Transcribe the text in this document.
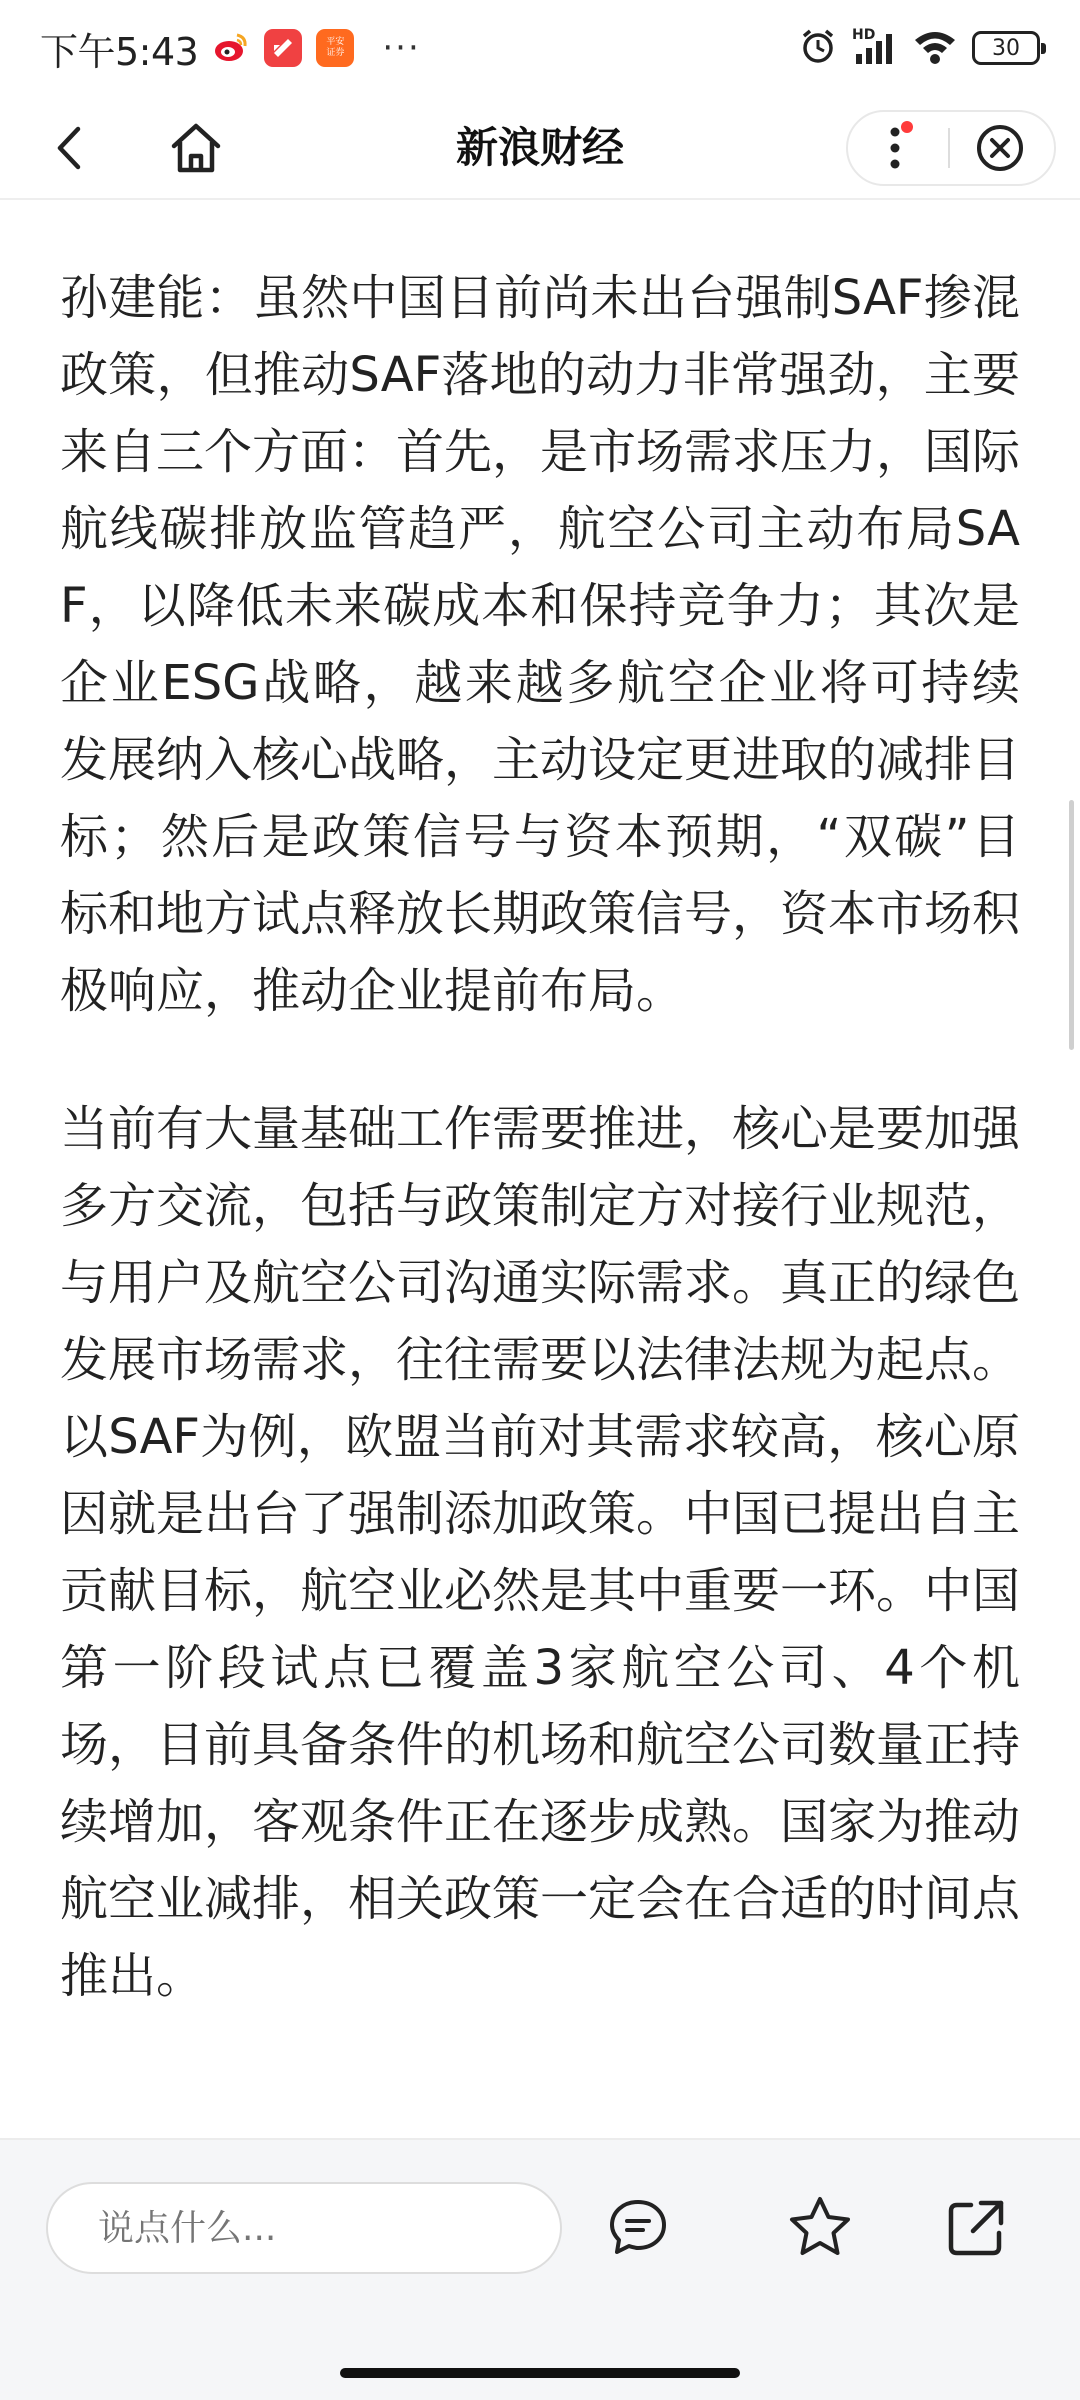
下午5:43	平安证券 ···	HD
30
新浪财经

孙建能：虽然中国目前尚未出台强制SAF掺混政策，但推动SAF落地的动力非常强劲，主要来自三个方面：首先，是市场需求压力，国际航线碳排放监管趋严，航空公司主动布局SAF，以降低未来碳成本和保持竞争力；其次是企业ESG战略，越来越多航空企业将可持续发展纳入核心战略，主动设定更进取的减排目标；然后是政策信号与资本预期，“双碳”目标和地方试点释放长期政策信号，资本市场积极响应，推动企业提前布局。

当前有大量基础工作需要推进，核心是要加强多方交流，包括与政策制定方对接行业规范，与用户及航空公司沟通实际需求。真正的绿色发展市场需求，往往需要以法律法规为起点。以SAF为例，欧盟当前对其需求较高，核心原因就是出台了强制添加政策。中国已提出自主贡献目标，航空业必然是其中重要一环。中国第一阶段试点已覆盖3家航空公司、4个机场，目前具备条件的机场和航空公司数量正持续增加，客观条件正在逐步成熟。国家为推动航空业减排，相关政策一定会在合适的时间点推出。

说点什么...
